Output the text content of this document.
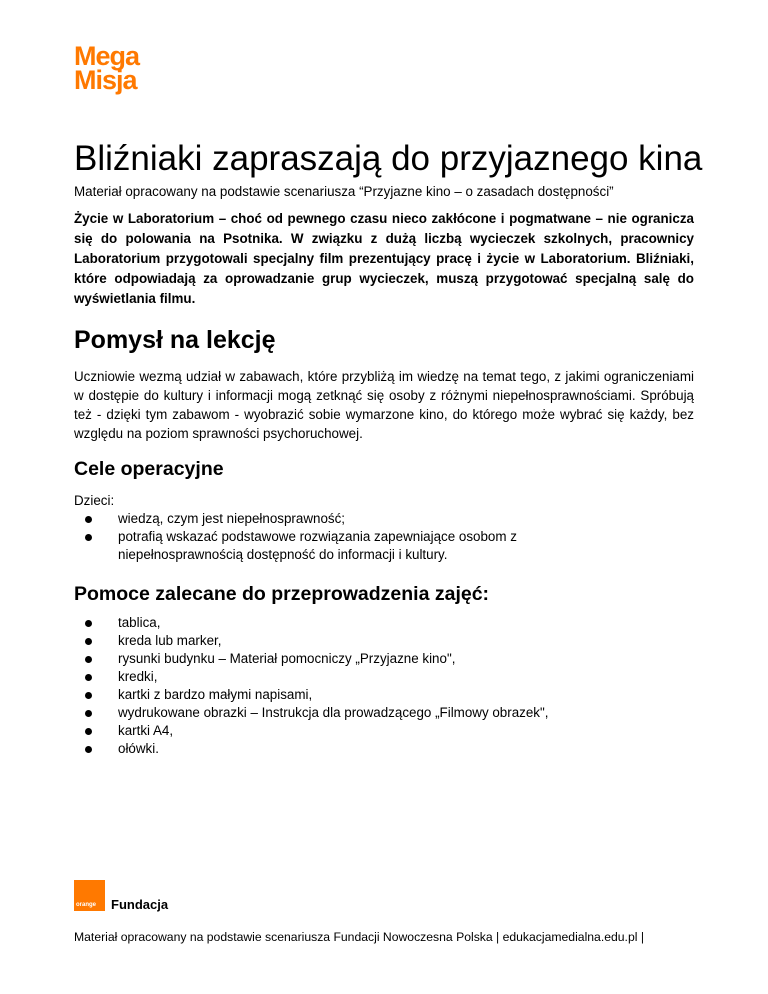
Mega
Misja
Bliźniaki zapraszają do przyjaznego kina

Materiał opracowany na podstawie scenariusza “Przyjazne kino – o zasadach dostępności”

Życie w Laboratorium – choć od pewnego czasu nieco zakłócone i pogmatwane – nie ogranicza się do polowania na Psotnika. W związku z dużą liczbą wycieczek szkolnych, pracownicy Laboratorium przygotowali specjalny film prezentujący pracę i życie w Laboratorium. Bliźniaki, które odpowiadają za oprowadzanie grup wycieczek, muszą przygotować specjalną salę do wyświetlania filmu.

Pomysł na lekcję

Uczniowie wezmą udział w zabawach, które przybliżą im wiedzę na temat tego, z jakimi ograniczeniami w dostępie do kultury i informacji mogą zetknąć się osoby z różnymi niepełnosprawnościami. Spróbują też - dzięki tym zabawom - wyobrazić sobie wymarzone kino, do którego może wybrać się każdy, bez względu na poziom sprawności psychoruchowej.

Cele operacyjne

Dzieci:

wiedzą, czym jest niepełnosprawność;
potrafią wskazać podstawowe rozwiązania zapewniające osobom z niepełnosprawnością dostępność do informacji i kultury.
Pomoce zalecane do przeprowadzenia zajęć:
tablica,
kreda lub marker,
rysunki budynku – Materiał pomocniczy „Przyjazne kino",
kredki,
kartki z bardzo małymi napisami,
wydrukowane obrazki – Instrukcja dla prowadzącego „Filmowy obrazek",
kartki A4,
ołówki.
orange Fundacja

Materiał opracowany na podstawie scenariusza Fundacji Nowoczesna Polska | edukacjamedialna.edu.pl |
